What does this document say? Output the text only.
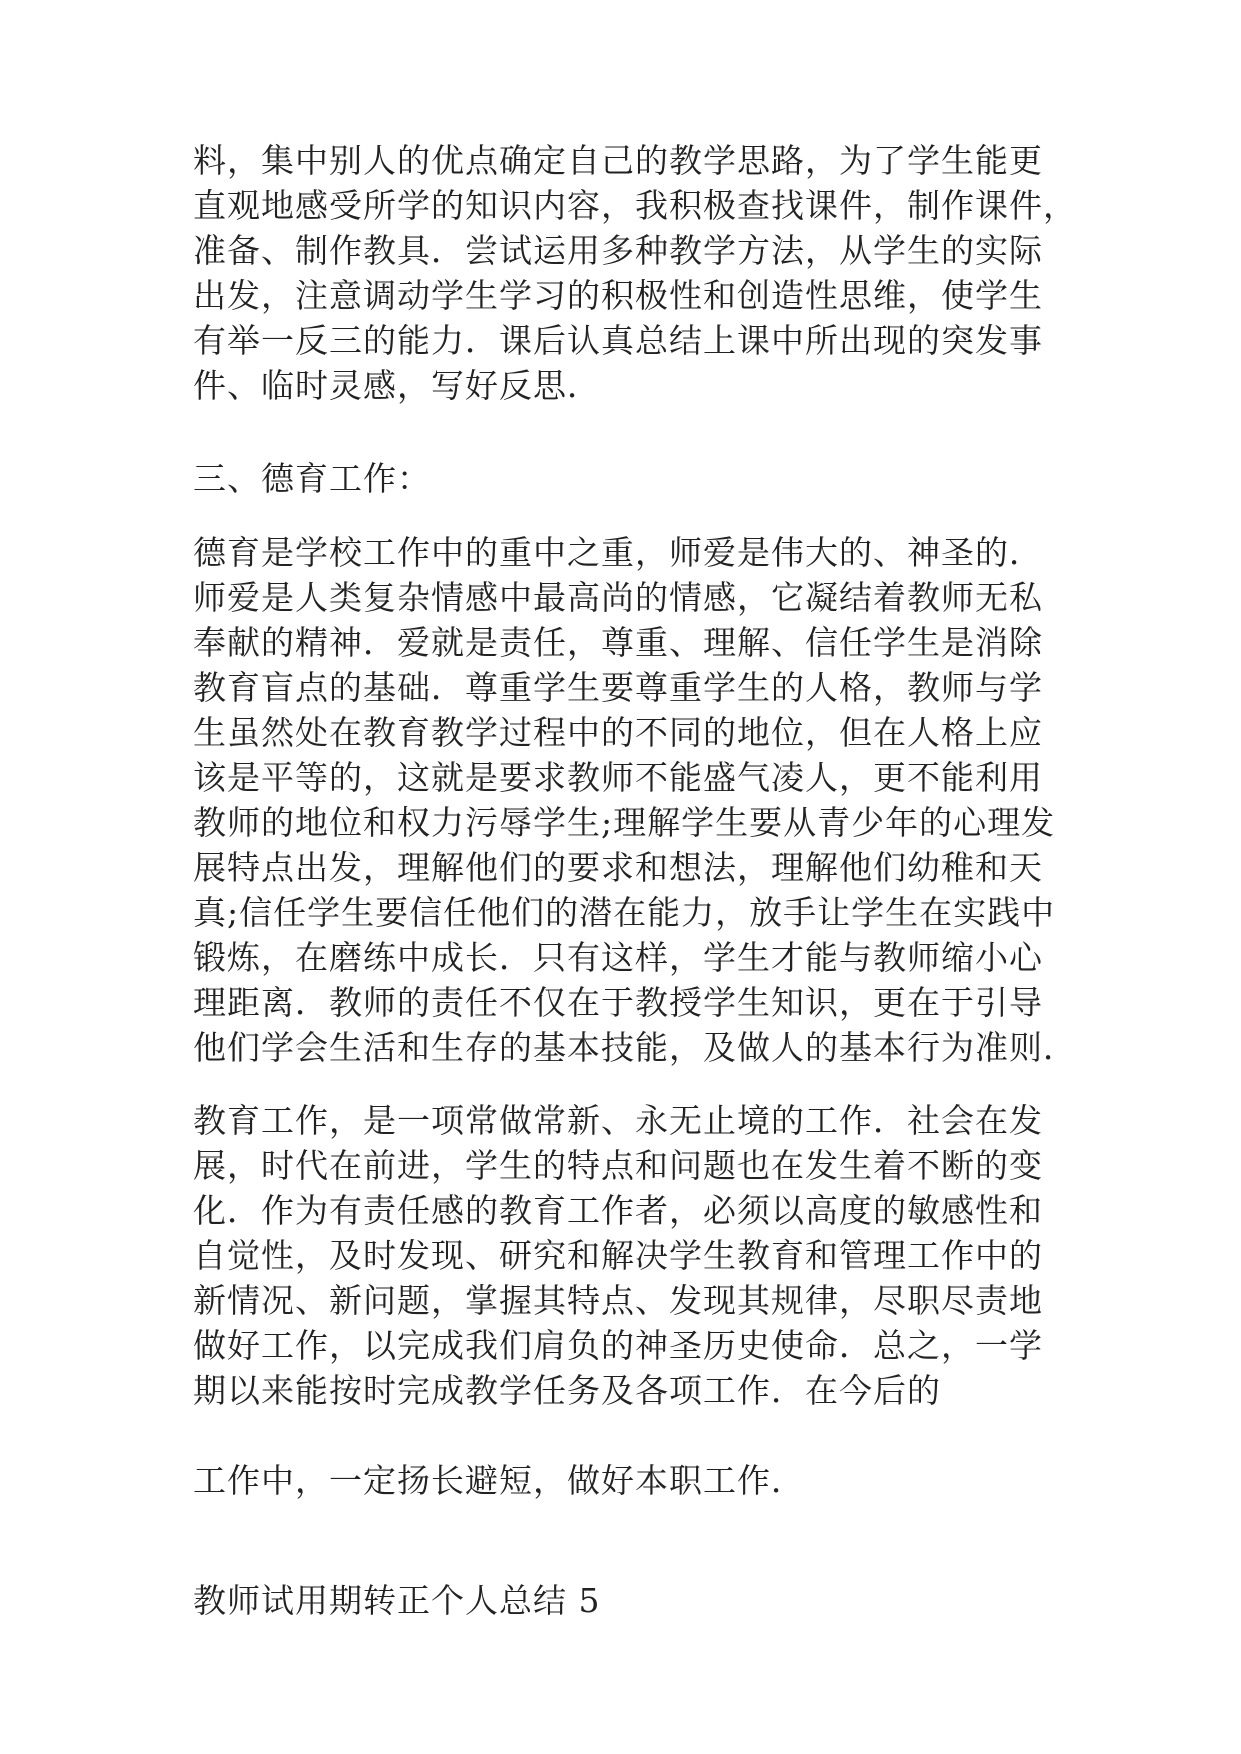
料，集中别人的优点确定自己的教学思路，为了学生能更
直观地感受所学的知识内容，我积极查找课件，制作课件，
准备、制作教具．尝试运用多种教学方法，从学生的实际
出发，注意调动学生学习的积极性和创造性思维，使学生
有举一反三的能力．课后认真总结上课中所出现的突发事
件、临时灵感，写好反思．
三、德育工作：
德育是学校工作中的重中之重，师爱是伟大的、神圣的．
师爱是人类复杂情感中最高尚的情感，它凝结着教师无私
奉献的精神．爱就是责任，尊重、理解、信任学生是消除
教育盲点的基础．尊重学生要尊重学生的人格，教师与学
生虽然处在教育教学过程中的不同的地位，但在人格上应
该是平等的，这就是要求教师不能盛气凌人，更不能利用
教师的地位和权力污辱学生;理解学生要从青少年的心理发
展特点出发，理解他们的要求和想法，理解他们幼稚和天
真;信任学生要信任他们的潜在能力，放手让学生在实践中
锻炼，在磨练中成长．只有这样，学生才能与教师缩小心
理距离．教师的责任不仅在于教授学生知识，更在于引导
他们学会生活和生存的基本技能，及做人的基本行为准则．
教育工作，是一项常做常新、永无止境的工作．社会在发
展，时代在前进，学生的特点和问题也在发生着不断的变
化．作为有责任感的教育工作者，必须以高度的敏感性和
自觉性，及时发现、研究和解决学生教育和管理工作中的
新情况、新问题，掌握其特点、发现其规律，尽职尽责地
做好工作，以完成我们肩负的神圣历史使命．总之，一学
期以来能按时完成教学任务及各项工作．在今后的
工作中，一定扬长避短，做好本职工作．
教师试用期转正个人总结 5
